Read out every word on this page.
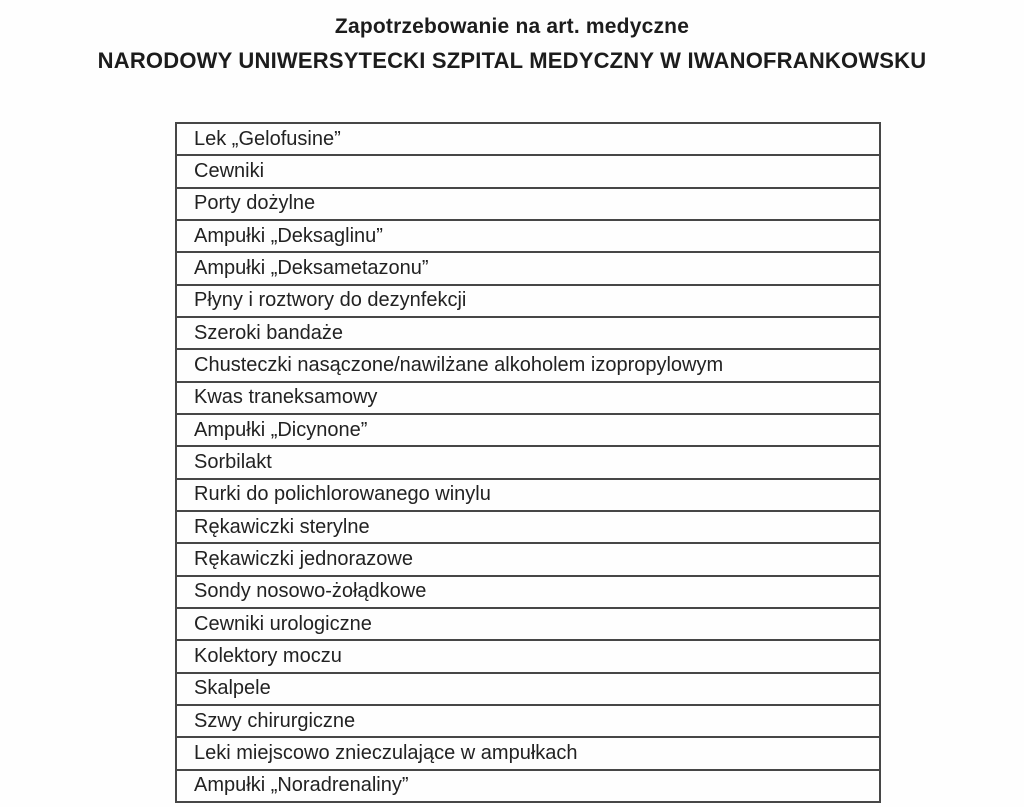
Zapotrzebowanie na art. medyczne
NARODOWY UNIWERSYTECKI SZPITAL MEDYCZNY W IWANOFRANKOWSKU
Lek „Gelofusine”
Cewniki
Porty dożylne
Ampułki „Deksaglinu”
Ampułki „Deksametazonu”
Płyny i roztwory do dezynfekcji
Szeroki bandaże
Chusteczki nasączone/nawilżane alkoholem izopropylowym
Kwas traneksamowy
Ampułki „Dicynone”
Sorbilakt
Rurki do polichlorowanego winylu
Rękawiczki sterylne
Rękawiczki jednorazowe
Sondy nosowo-żołądkowe
Cewniki urologiczne
Kolektory moczu
Skalpele
Szwy chirurgiczne
Leki miejscowo znieczulające w ampułkach
Ampułki „Noradrenaliny”
